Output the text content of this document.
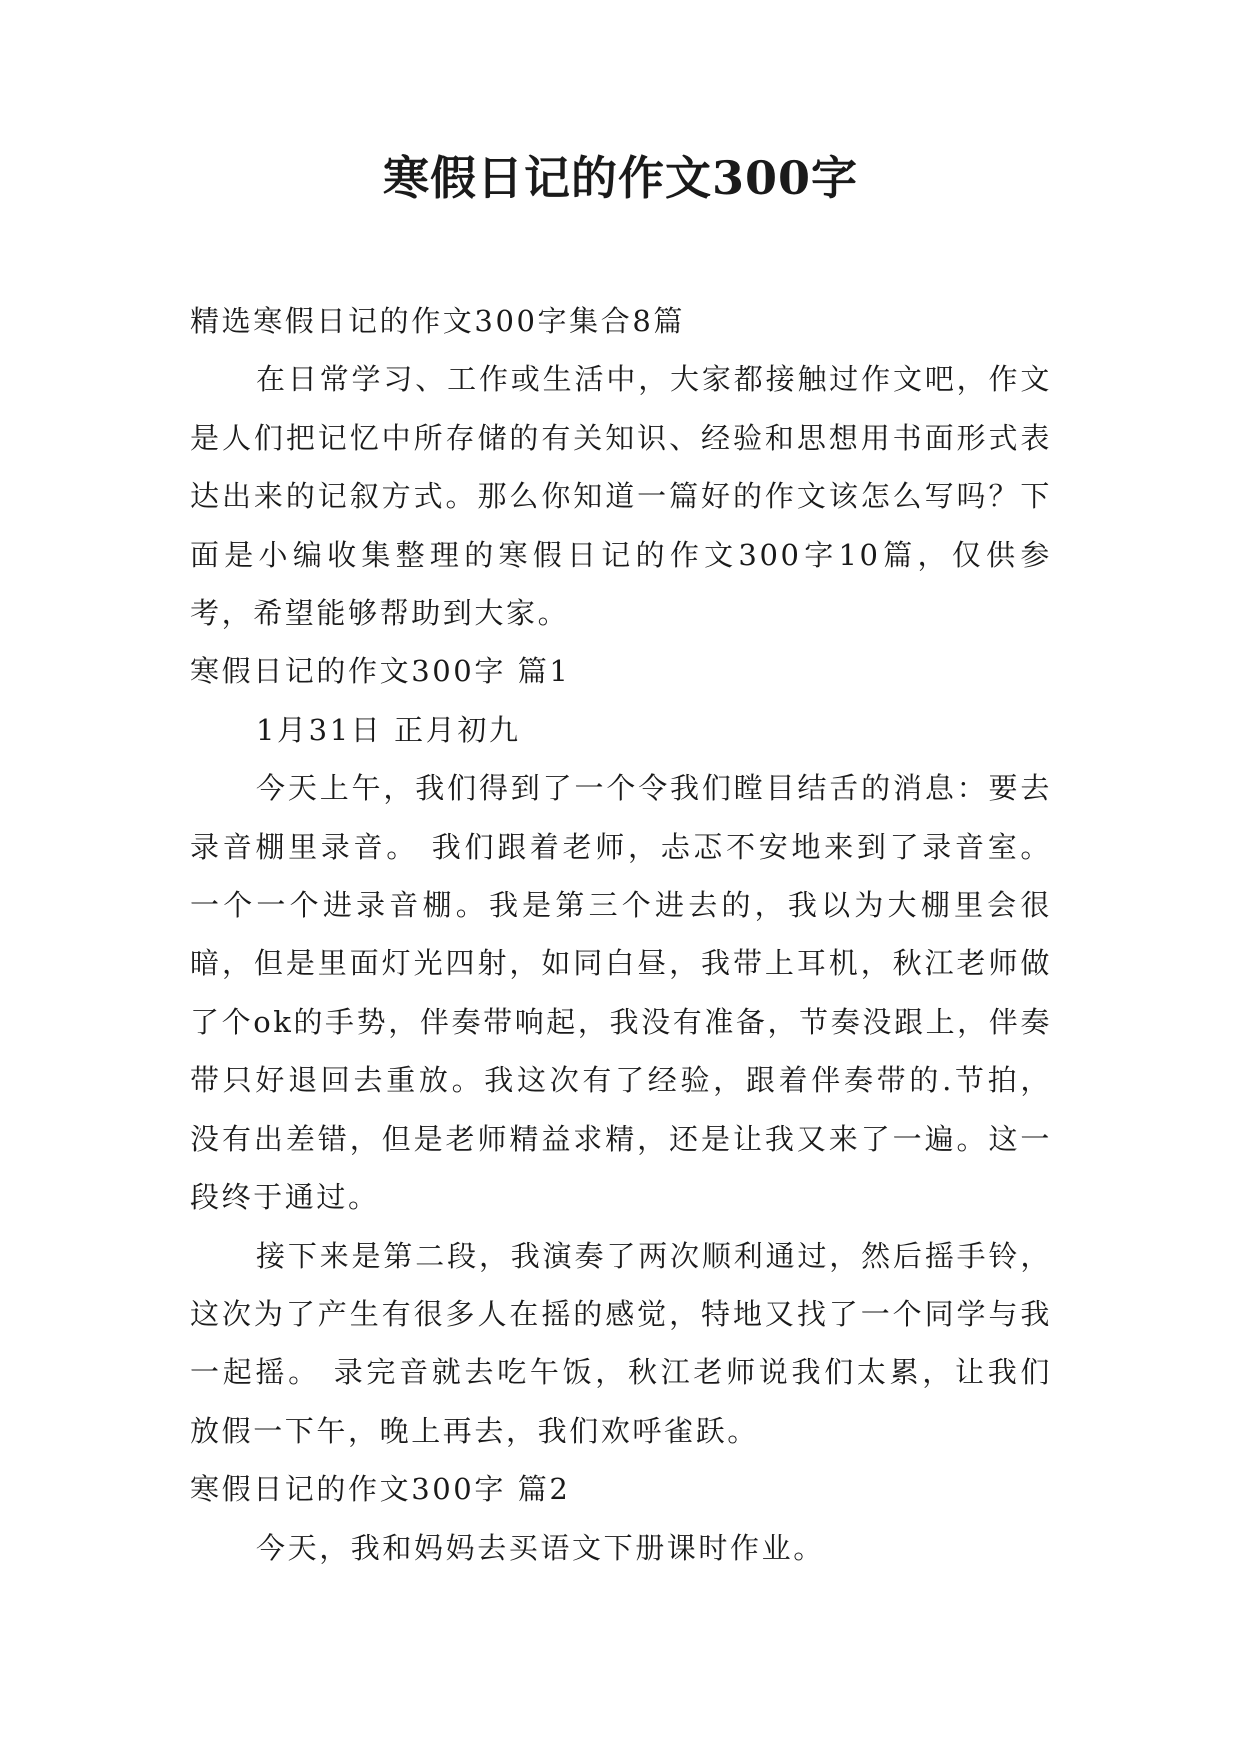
寒假日记的作文300字

精选寒假日记的作文300字集合8篇

在日常学习、工作或生活中，大家都接触过作文吧，作文是人们把记忆中所存储的有关知识、经验和思想用书面形式表达出来的记叙方式。那么你知道一篇好的作文该怎么写吗？下面是小编收集整理的寒假日记的作文300字10篇，仅供参考，希望能够帮助到大家。

寒假日记的作文300字 篇1

1月31日 正月初九

今天上午，我们得到了一个令我们瞠目结舌的消息：要去录音棚里录音。 我们跟着老师，忐忑不安地来到了录音室。一个一个进录音棚。我是第三个进去的，我以为大棚里会很暗，但是里面灯光四射，如同白昼，我带上耳机，秋江老师做了个ok的手势，伴奏带响起，我没有准备，节奏没跟上，伴奏带只好退回去重放。我这次有了经验，跟着伴奏带的.节拍，没有出差错，但是老师精益求精，还是让我又来了一遍。这一段终于通过。

接下来是第二段，我演奏了两次顺利通过，然后摇手铃，这次为了产生有很多人在摇的感觉，特地又找了一个同学与我一起摇。 录完音就去吃午饭，秋江老师说我们太累，让我们放假一下午，晚上再去，我们欢呼雀跃。

寒假日记的作文300字 篇2

今天，我和妈妈去买语文下册课时作业。
